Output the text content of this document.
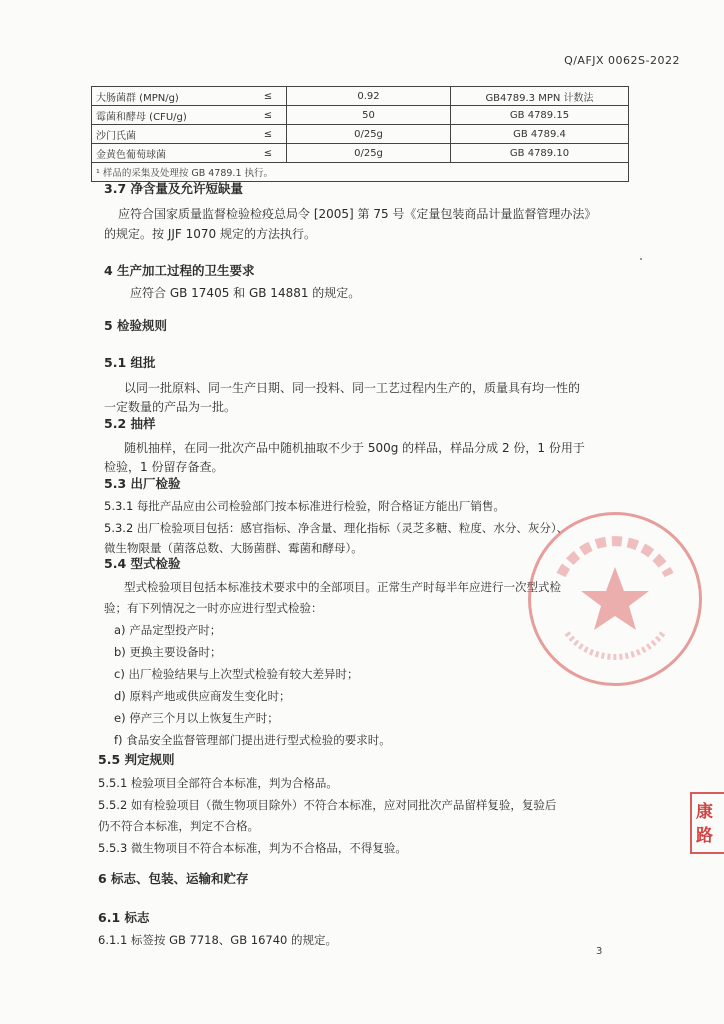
Q/AFJX 0062S-2022
大肠菌群 (MPN/g)	≤	0.92	GB4789.3 MPN 计数法
霉菌和酵母 (CFU/g)	≤	50	GB 4789.15
沙门氏菌	≤	0/25g	GB 4789.4
金黄色葡萄球菌	≤	0/25g	GB 4789.10
¹ 样品的采集及处理按 GB 4789.1 执行。			
3.7 净含量及允许短缺量
应符合国家质量监督检验检疫总局令 [2005] 第 75 号《定量包装商品计量监督管理办法》
的规定。按 JJF 1070 规定的方法执行。
4 生产加工过程的卫生要求
应符合 GB 17405 和 GB 14881 的规定。
5 检验规则
5.1 组批
以同一批原料、同一生产日期、同一投料、同一工艺过程内生产的，质量具有均一性的
一定数量的产品为一批。
5.2 抽样
随机抽样，在同一批次产品中随机抽取不少于 500g 的样品，样品分成 2 份，1 份用于
检验，1 份留存备查。
5.3 出厂检验
5.3.1 每批产品应由公司检验部门按本标准进行检验，附合格证方能出厂销售。
5.3.2 出厂检验项目包括：感官指标、净含量、理化指标（灵芝多糖、粒度、水分、灰分）、
微生物限量（菌落总数、大肠菌群、霉菌和酵母）。
5.4 型式检验
型式检验项目包括本标准技术要求中的全部项目。正常生产时每半年应进行一次型式检
验；有下列情况之一时亦应进行型式检验：
a) 产品定型投产时；
b) 更换主要设备时；
c) 出厂检验结果与上次型式检验有较大差异时；
d) 原料产地或供应商发生变化时；
e) 停产三个月以上恢复生产时；
f) 食品安全监督管理部门提出进行型式检验的要求时。
5.5 判定规则
5.5.1 检验项目全部符合本标准，判为合格品。
5.5.2 如有检验项目（微生物项目除外）不符合本标准，应对同批次产品留样复验，复验后
仍不符合本标准，判定不合格。
5.5.3 微生物项目不符合本标准，判为不合格品，不得复验。
6 标志、包装、运输和贮存
6.1 标志
6.1.1 标签按 GB 7718、GB 16740 的规定。
康
路
3
